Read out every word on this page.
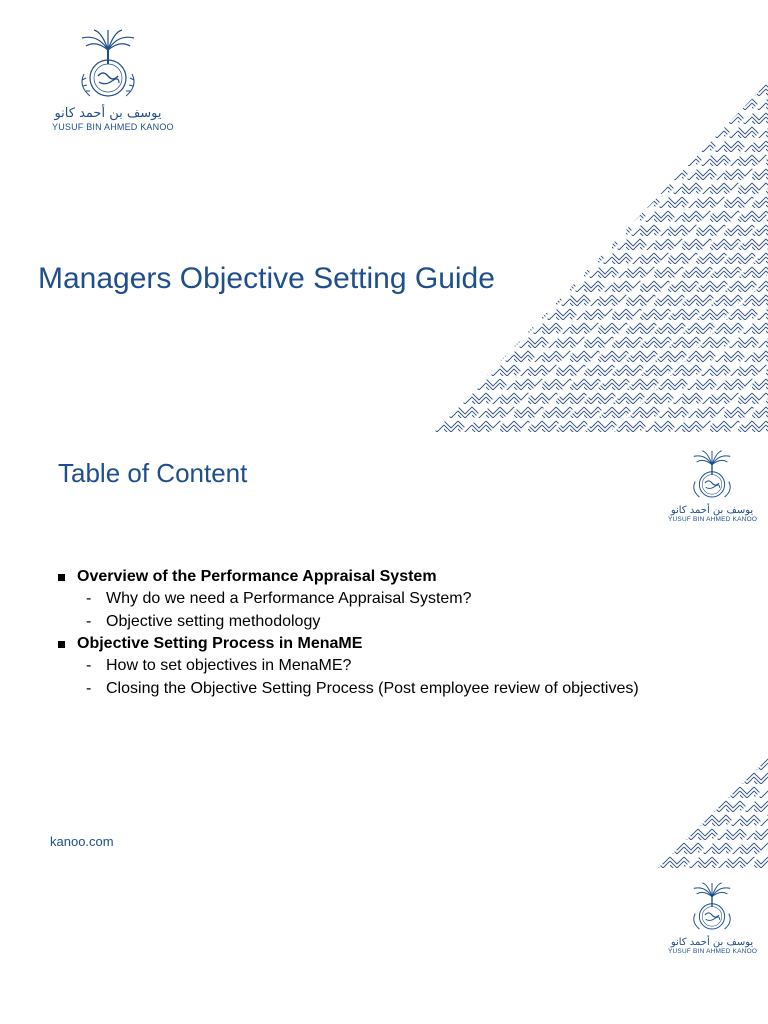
يوسف بن أحمد كانو
YUSUF BIN AHMED KANOO
Managers Objective Setting Guide
Table of Content
يوسف بن أحمد كانو
YUSUF BIN AHMED KANOO
Overview of the Performance Appraisal System
- Why do we need a Performance Appraisal System?
- Objective setting methodology
Objective Setting Process in MenaME
- How to set objectives in MenaME?
- Closing the Objective Setting Process (Post employee review of objectives)
kanoo.com
يوسف بن أحمد كانو
YUSUF BIN AHMED KANOO
